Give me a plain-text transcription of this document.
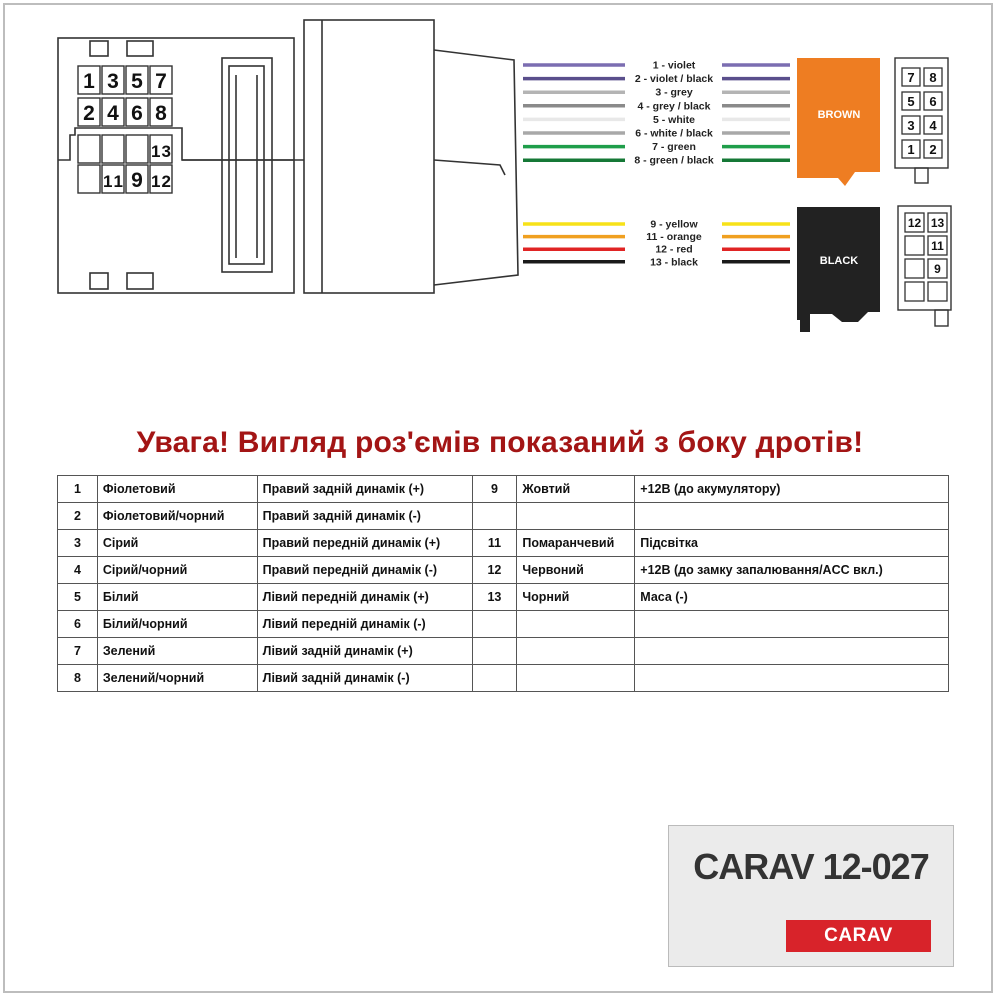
1 3 5 7
2 4 6 8
13
11 9 12
1 - violet
2 - violet / black
3 - grey
4 - grey / black
5 - white
6 - white / black
7 - green
8 - green / black
9 - yellow
11 - orange
12 - red
13 - black
BROWN
BLACK
7 8
5 6
3 4
1 2
12 13
11
9
Увага! Вигляд роз'ємів показаний з боку дротів!
1	Фіолетовий	Правий задній динамік (+)	9	Жовтий	+12В (до акумулятору)
2	Фіолетовий/чорний	Правий задній динамік (-)			
3	Сірий	Правий передній динамік (+)	11	Помаранчевий	Підсвітка
4	Сірий/чорний	Правий передній динамік (-)	12	Червоний	+12В (до замку запалювання/ACC вкл.)
5	Білий	Лівий передній динамік (+)	13	Чорний	Маса (-)
6	Білий/чорний	Лівий передній динамік (-)			
7	Зелений	Лівий задній динамік (+)			
8	Зелений/чорний	Лівий задній динамік (-)			
CARAV 12-027
CARAV
